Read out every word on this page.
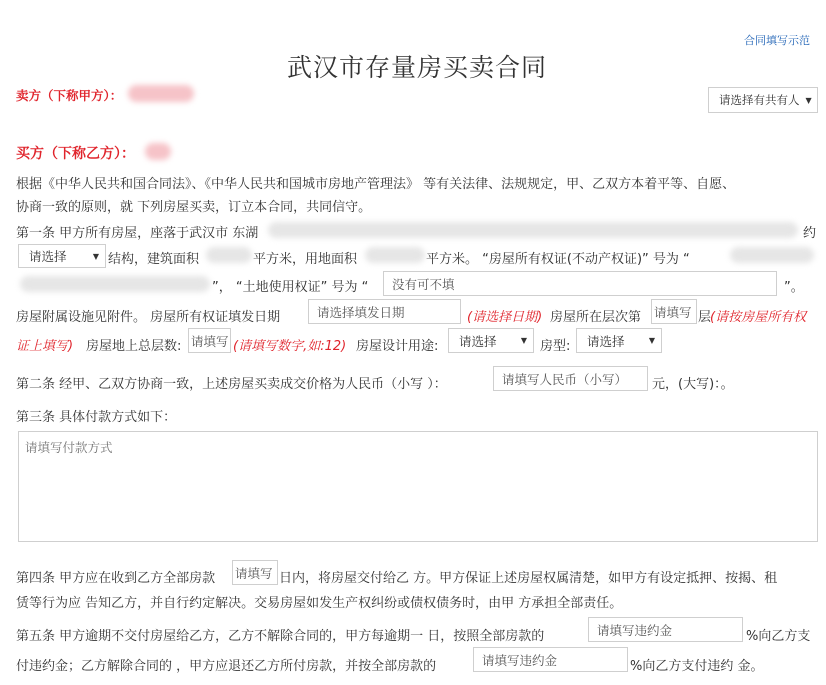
合同填写示范
武汉市存量房买卖合同
卖方（下称甲方）：	请选择有共有人 ▼
买方（下称乙方）：
根据《中华人民共和国合同法》、《中华人民共和国城市房地产管理法》 等有关法律、法规规定，甲、乙双方本着平等、自愿、
协商一致的原则，就 下列房屋买卖，订立本合同，共同信守。
第一条 甲方所有房屋，座落于武汉市 东湖	约
请选择	▼ 结构，建筑面积	平方米，用地面积	平方米。 “房屋所有权证(不动产权证)” 号为 “
”， “土地使用权证” 号为 “ 没有可不填	”。
房屋附属设施见附件。 房屋所有权证填发日期	请选择填发日期	(请选择日期) 房屋所在层次第 请填写 层
(请按房屋所有权
证上填写) 房屋地上总层数: 请填写 (请填写数字,如:12) 房屋设计用途: 请选择	▼ 房型: 请选择	▼
第二条 经甲、乙双方协商一致，上述房屋买卖成交价格为人民币（小写 ）：	请填写人民币（小写） 元，(大写)：。
第三条 具体付款方式如下：
请填写付款方式
第四条 甲方应在收到乙方全部房款 请填写 日内，将房屋交付给乙 方。甲方保证上述房屋权属清楚，如甲方有设定抵押、按揭、租
赁等行为应 告知乙方，并自行约定解决。交易房屋如发生产权纠纷或债权债务时，由甲 方承担全部责任。
第五条 甲方逾期不交付房屋给乙方，乙方不解除合同的，甲方每逾期一 日，按照全部房款的	请填写违约金	%向乙方支
付违约金；乙方解除合同的 ，甲方应退还乙方所付房款，并按全部房款的	请填写违约金	%向乙方支付违约 金。
